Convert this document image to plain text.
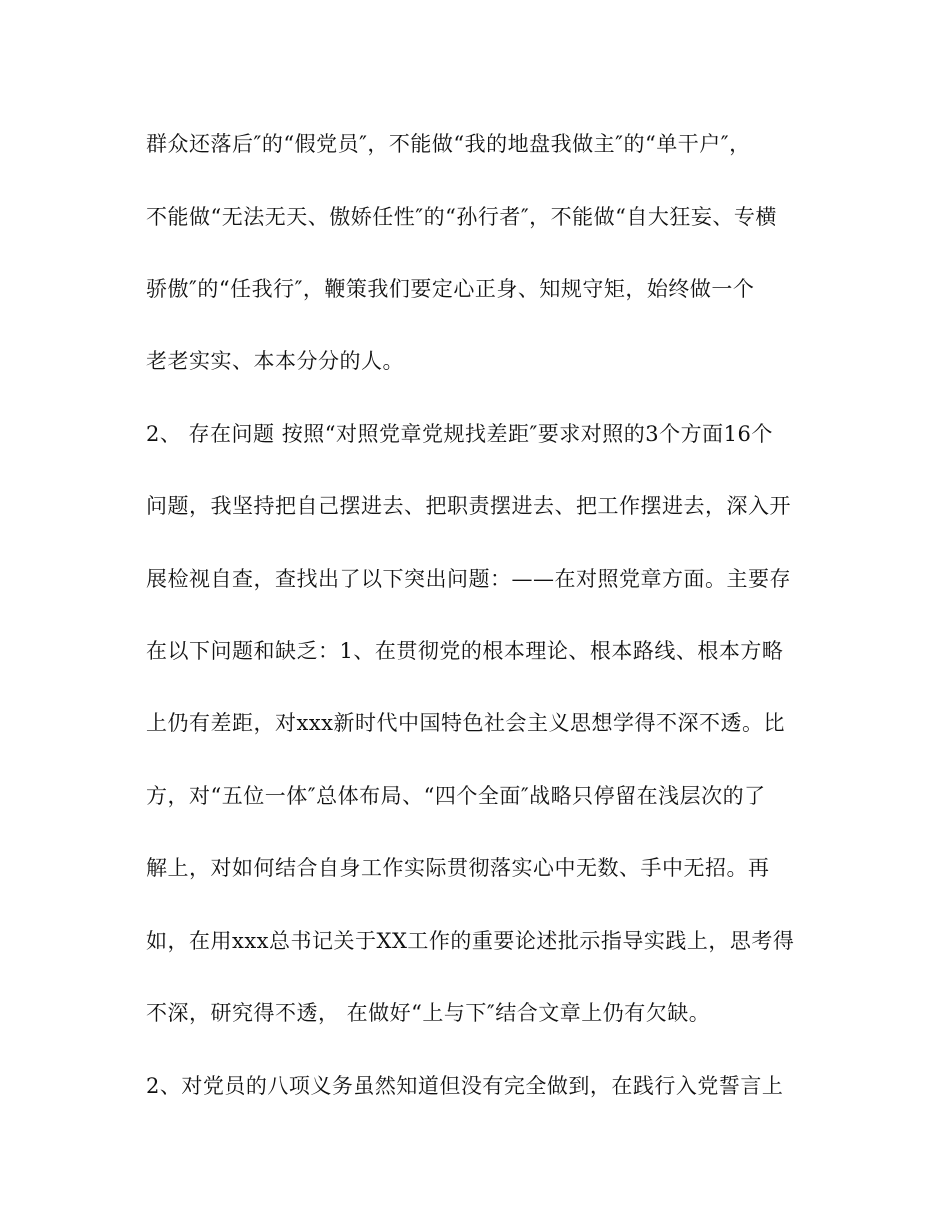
群众还落后″的“假党员″，不能做“我的地盘我做主″的“单干户″，
不能做“无法无天、傲娇任性″的“孙行者″，不能做“自大狂妄、专横
骄傲″的“任我行″，鞭策我们要定心正身、知规守矩，始终做一个
老老实实、本本分分的人。
2、 存在问题 按照“对照党章党规找差距″要求对照的3个方面16个
问题，我坚持把自己摆进去、把职责摆进去、把工作摆进去，深入开
展检视自查，查找出了以下突出问题：——在对照党章方面。主要存
在以下问题和缺乏：1、在贯彻党的根本理论、根本路线、根本方略
上仍有差距，对xxx新时代中国特色社会主义思想学得不深不透。比
方，对“五位一体″总体布局、“四个全面″战略只停留在浅层次的了
解上，对如何结合自身工作实际贯彻落实心中无数、手中无招。再
如，在用xxx总书记关于XX工作的重要论述批示指导实践上，思考得
不深，研究得不透， 在做好“上与下″结合文章上仍有欠缺。
2、对党员的八项义务虽然知道但没有完全做到，在践行入党誓言上
